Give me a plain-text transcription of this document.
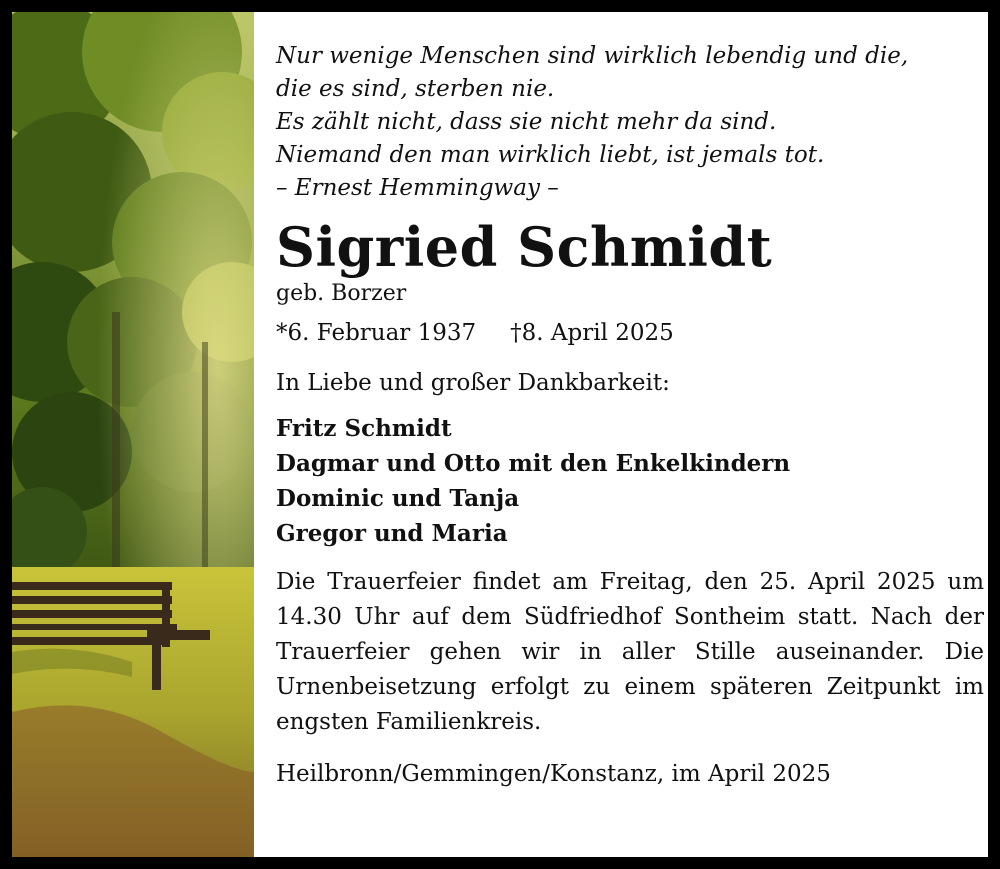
Nur wenige Menschen sind wirklich lebendig und die,
die es sind, sterben nie.
Es zählt nicht, dass sie nicht mehr da sind.
Niemand den man wirklich liebt, ist jemals tot.
– Ernest Hemmingway –
Sigried Schmidt
geb. Borzer
*6. Februar 1937 †8. April 2025
In Liebe und großer Dankbarkeit:
Fritz Schmidt
Dagmar und Otto mit den Enkelkindern
Dominic und Tanja
Gregor und Maria
Die Trauerfeier findet am Freitag, den 25. April 2025 um 14.30 Uhr auf dem Südfriedhof Sontheim statt. Nach der Trauerfeier gehen wir in aller Stille auseinander. Die Urnenbeisetzung erfolgt zu einem späteren Zeitpunkt im engsten Familienkreis.
Heilbronn/Gemmingen/Konstanz, im April 2025
